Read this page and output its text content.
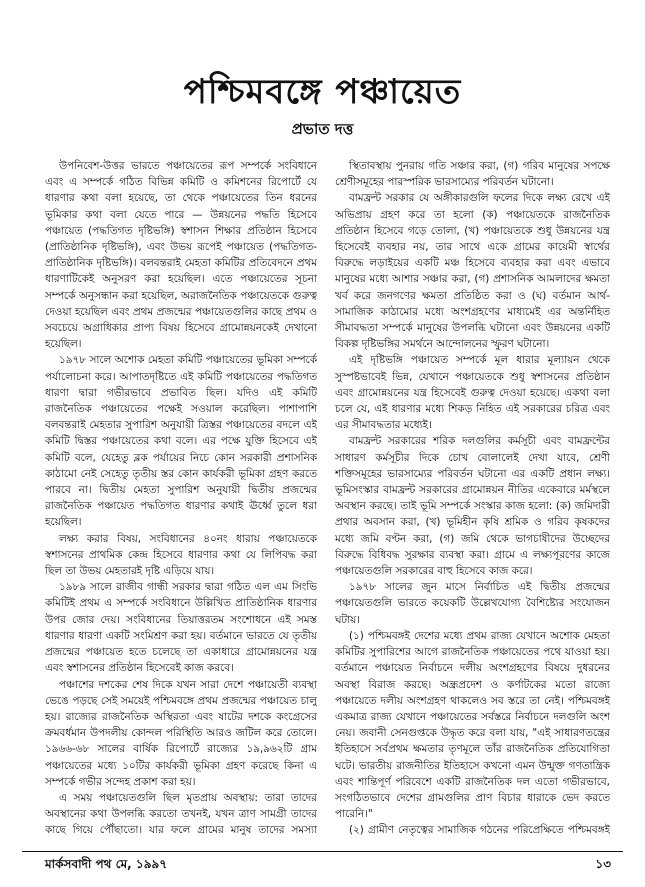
পশ্চিমবঙ্গে পঞ্চায়েত
প্রভাত দত্ত

উপনিবেশ-উত্তর ভারতে পঞ্চায়েতের রূপ সম্পর্কে সংবিধানে এবং এ সম্পর্কে গঠিত বিভিন্ন কমিটি ও কমিশনের রিপোর্টে যে ধারণার কথা বলা হয়েছে, তা থেকে পঞ্চায়েতের তিন ধরনের ভূমিকার কথা বলা যেতে পারে — উন্নয়নের পদ্ধতি হিসেবে পঞ্চায়েত (পদ্ধতিগত দৃষ্টিভঙ্গি) স্বশাসন শিক্ষার প্রতিষ্ঠান হিসেবে (প্রাতিষ্ঠানিক দৃষ্টিভঙ্গি), এবং উভয় রূপেই পঞ্চায়েত (পদ্ধতিগত-প্রাতিষ্ঠানিক দৃষ্টিভঙ্গি)। বলবন্তরাই মেহতা কমিটির প্রতিবেদনে প্রথম ধারণাটিকেই অনুসরণ করা হয়েছিল। এতে পঞ্চায়েতের সূচনা সম্পর্কে অনুসন্ধান করা হয়েছিল, অরাজনৈতিক পঞ্চায়েতকে গুরুত্ব দেওয়া হয়েছিল এবং প্রথম প্রজন্মের পঞ্চায়েতগুলির কাছে প্রথম ও সবচেয়ে অগ্রাধিকার প্রাপ্য বিষয় হিসেবে গ্রামোন্নয়নকেই দেখানো হয়েছিল।

১৯৭৮ সালে অশোক মেহতা কমিটি পঞ্চায়েতের ভূমিকা সম্পর্কে পর্যালোচনা করে। আপাতদৃষ্টিতে এই কমিটি পঞ্চায়েতের পদ্ধতিগত ধারণা দ্বারা গভীরভাবে প্রভাবিত ছিল। যদিও এই কমিটি রাজনৈতিক পঞ্চায়েতের পক্ষেই সওয়াল করেছিল। পাশাপাশি বলবন্তরাই মেহতার সুপারিশ অনুযায়ী ত্রিস্তর পঞ্চায়েতের বদলে এই কমিটি দ্বিস্তর পঞ্চায়েতের কথা বলে। এর পক্ষে যুক্তি হিসেবে এই কমিটি বলে, যেহেতু ব্লক পর্যায়ের নিচে কোন সরকারী প্রশাসনিক কাঠামো নেই সেহেতু তৃতীয় স্তর কোন কার্যকরী ভূমিকা গ্রহণ করতে পারবে না। দ্বিতীয় মেহতা সুপারিশ অনুযায়ী দ্বিতীয় প্রজন্মের রাজনৈতিক পঞ্চায়েত পদ্ধতিগত ধারণার কথাই ঊর্ধ্বে তুলে ধরা হয়েছিল।

লক্ষ্য করার বিষয়, সংবিধানের ৪০নং ধারায় পঞ্চায়েতকে স্বশাসনের প্রাথমিক কেন্দ্র হিসেবে ধারণার কথা যে লিপিবদ্ধ করা ছিল তা উভয় মেহতারই দৃষ্টি এড়িয়ে যায়।

১৯৮৯ সালে রাজীব গান্ধী সরকার দ্বারা গঠিত এল এম সিংভি কমিটিই প্রথম এ সম্পর্কে সংবিধানে উল্লিখিত প্রাতিষ্ঠানিক ধারণার উপর জোর দেয়। সংবিধানের তিয়াত্তরতম সংশোধনে এই সমস্ত ধারণার ধারণা একটি সংমিশ্রণ করা হয়। বর্তমানে ভারতে যে তৃতীয় প্রজন্মের পঞ্চায়েত হতে চলেছে তা একাধারে গ্রামোন্নয়নের যন্ত্র এবং স্বশাসনের প্রতিষ্ঠান হিসেবেই কাজ করবে।

পঞ্চাশের দশকের শেষ দিকে যখন সারা দেশে পঞ্চায়েতী ব্যবস্থা ভেঙে পড়ছে সেই সময়েই পশ্চিমবঙ্গে প্রথম প্রজন্মের পঞ্চায়েত চালু হয়। রাজ্যের রাজনৈতিক অস্থিরতা এবং ষাটের দশকে কংগ্রেসের ক্রমবর্ধমান উপদলীয় কোন্দল পরিস্থিতি আরও জটিল করে তোলে। ১৯৬৬-৬৮ সালের বার্ষিক রিপোর্টে রাজ্যের ১৯,৯৬২টি গ্রাম পঞ্চায়েতের মধ্যে ১০টির কার্যকরী ভূমিকা গ্রহণ করেছে কিনা এ সম্পর্কে গভীর সন্দেহ প্রকাশ করা হয়।

এ সময় পঞ্চায়েতগুলি ছিল মৃতপ্রায় অবস্থায়: তারা তাদের অবস্থানের কথা উপলব্ধি করতো তখনই, যখন ত্রাণ সামগ্রী তাদের কাছে গিয়ে পৌঁছাতো। যার ফলে গ্রামের মানুষ তাদের সমস্যা

স্থিতাবস্থায় পুনরায় গতি সঞ্চার করা, (গ) গরিব মানুষের সপক্ষে শ্রেণীসমূহের পারস্পরিক ভারসাম্যের পরিবর্তন ঘটানো।

বামফ্রন্ট সরকার যে অঙ্গীকারগুলি ফলের দিকে লক্ষ্য রেখে এই অভিপ্রায় গ্রহণ করে তা হলো (ক) পঞ্চায়েতকে রাজনৈতিক প্রতিষ্ঠান হিসেবে গড়ে তোলা, (খ) পঞ্চায়েতকে শুধু উন্নয়নের যন্ত্র হিসেবেই ব্যবহার নয়, তার সাথে একে গ্রামের কায়েমী স্বার্থের বিরুদ্ধে লড়াইয়ের একটি মঞ্চ হিসেবে ব্যবহার করা এবং এভাবে মানুষের মধ্যে আশার সঞ্চার করা, (গ) প্রশাসনিক আমলাদের ক্ষমতা খর্ব করে জনগণের ক্ষমতা প্রতিষ্ঠিত করা ও (ঘ) বর্তমান আর্থ-সামাজিক কাঠামোর মধ্যে অংশগ্রহণের মাধ্যমেই এর অন্তর্নিহিত সীমাবদ্ধতা সম্পর্কে মানুষের উপলব্ধি ঘটানো এবং উন্নয়নের একটি বিকল্প দৃষ্টিভঙ্গির সমর্থনে আন্দোলনের স্ফুরণ ঘটানো।

এই দৃষ্টিভঙ্গি পঞ্চায়েত সম্পর্কে মূল ধারার মূল্যায়ন থেকে সুস্পষ্টভাবেই ভিন্ন, যেখানে পঞ্চায়েতকে শুধু স্বশাসনের প্রতিষ্ঠান এবং গ্রামোন্নয়নের যন্ত্র হিসেবেই গুরুত্ব দেওয়া হয়েছে। একথা বলা চলে যে, এই ধারণার মধ্যে শিকড় নিহিত এই সরকারের চরিত্র এবং এর সীমাবদ্ধতার মধ্যেই।

বামফ্রন্ট সরকারের শরিক দলগুলির কর্মসূচী এবং বামফ্রন্টের সাধারণ কর্মসূচীর দিকে চোখ বোলালেই দেখা যাবে, শ্রেণী শক্তিসমূহের ভারসাম্যের পরিবর্তন ঘটানো এর একটি প্রধান লক্ষ্য। ভূমিসংস্কার বামফ্রন্ট সরকারের গ্রামোন্নয়ন নীতির একেবারে মর্মস্থলে অবস্থান করছে। তাই ভূমি সম্পর্কে সংস্কার কাজ হলো: (ক) জমিদারী প্রথার অবসান করা, (খ) ভূমিহীন কৃষি শ্রমিক ও গরিব কৃষকদের মধ্যে জমি বণ্টন করা, (গ) জমি থেকে ভাগচাষীদের উচ্ছেদের বিরুদ্ধে বিধিবদ্ধ সুরক্ষার ব্যবস্থা করা। গ্রামে এ লক্ষ্যপূরণের কাজে পঞ্চায়েতগুলি সরকারের বাহু হিসেবে কাজ করে।

১৯৭৮ সালের জুন মাসে নির্বাচিত এই দ্বিতীয় প্রজন্মের পঞ্চায়েতগুলি ভারতে কয়েকটি উল্লেখযোগ্য বৈশিষ্ট্যের সংযোজন ঘটায়।

(১) পশ্চিমবঙ্গই দেশের মধ্যে প্রথম রাজ্য যেখানে অশোক মেহতা কমিটির সুপারিশের আগে রাজনৈতিক পঞ্চায়েতের পথে যাওয়া হয়। বর্তমানে পঞ্চায়েত নির্বাচনে দলীয় অংশগ্রহণের বিষয়ে দুধরনের অবস্থা বিরাজ করছে। অন্ধ্রপ্রদেশ ও কর্ণাটকের মতো রাজ্যে পঞ্চায়েতে দলীয় অংশগ্রহণ থাকলেও সব স্তরে তা নেই। পশ্চিমবঙ্গই একমাত্র রাজ্য যেখানে পঞ্চায়েতের সর্বস্তরে নির্বাচনে দলগুলি অংশ নেয়। জবানী সেনগুপ্তকে উদ্ধৃত করে বলা যায়, "এই সাধারণতন্ত্রের ইতিহাসে সর্বপ্রথম ক্ষমতার তৃণমূলে তাঁর রাজনৈতিক প্রতিযোগিতা ঘটে। ভারতীয় রাজনীতির ইতিহাসে কখনো এমন উন্মুক্ত গণতান্ত্রিক এবং শান্তিপূর্ণ পরিবেশে একটি রাজনৈতিক দল এতো গভীরভাবে, সংগঠিতভাবে দেশের গ্রামগুলির প্রাণ বিচার ধারাকে ভেদ করতে পারেনি।"

(২) গ্রামীণ নেতৃত্বের সামাজিক গঠনের পরিপ্রেক্ষিতে পশ্চিমবঙ্গই

মার্কসবাদী পথ মে, ১৯৯৭	১৩
